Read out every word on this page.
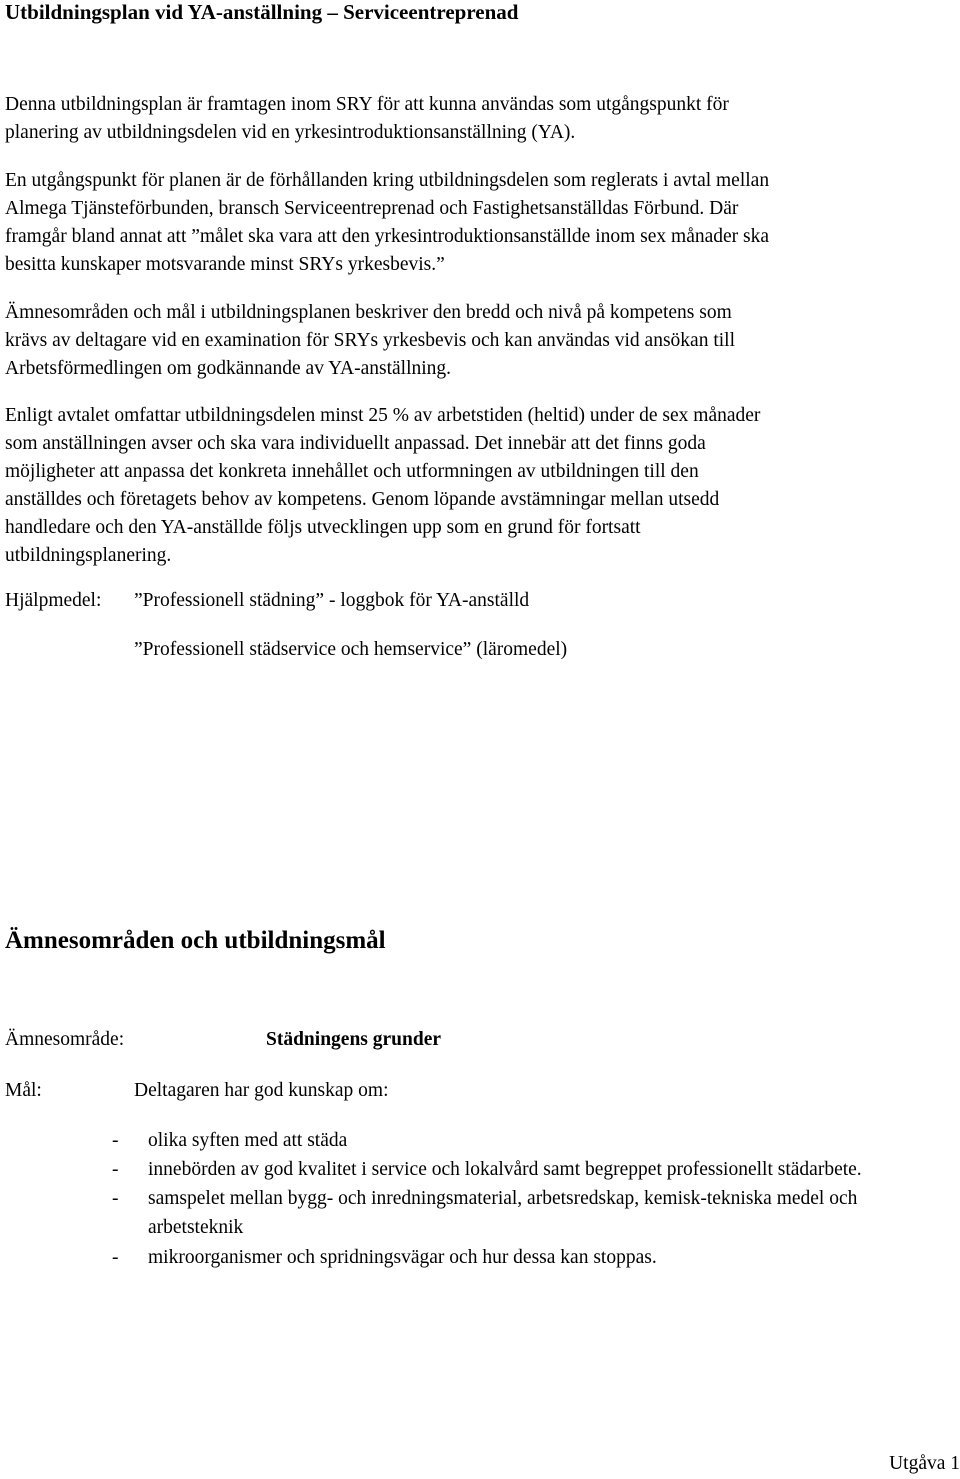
Utbildningsplan vid YA-anställning – Serviceentreprenad
Denna utbildningsplan är framtagen inom SRY för att kunna användas som utgångspunkt för
planering av utbildningsdelen vid en yrkesintroduktionsanställning (YA).
En utgångspunkt för planen är de förhållanden kring utbildningsdelen som reglerats i avtal mellan
Almega Tjänsteförbunden, bransch Serviceentreprenad och Fastighetsanställdas Förbund. Där
framgår bland annat att ”målet ska vara att den yrkesintroduktionsanställde inom sex månader ska
besitta kunskaper motsvarande minst SRYs yrkesbevis.”
Ämnesområden och mål i utbildningsplanen beskriver den bredd och nivå på kompetens som
krävs av deltagare vid en examination för SRYs yrkesbevis och kan användas vid ansökan till
Arbetsförmedlingen om godkännande av YA-anställning.
Enligt avtalet omfattar utbildningsdelen minst 25 % av arbetstiden (heltid) under de sex månader
som anställningen avser och ska vara individuellt anpassad. Det innebär att det finns goda
möjligheter att anpassa det konkreta innehållet och utformningen av utbildningen till den
anställdes och företagets behov av kompetens. Genom löpande avstämningar mellan utsedd
handledare och den YA-anställde följs utvecklingen upp som en grund för fortsatt
utbildningsplanering.
Hjälpmedel: ”Professionell städning” - loggbok för YA-anställd
”Professionell städservice och hemservice” (läromedel)
Ämnesområden och utbildningsmål
Ämnesområde:	Städningens grunder
Mål:	Deltagaren har god kunskap om:
- olika syften med att städa
- innebörden av god kvalitet i service och lokalvård samt begreppet professionellt städarbete.
- samspelet mellan bygg- och inredningsmaterial, arbetsredskap, kemisk-tekniska medel och
arbetsteknik
- mikroorganismer och spridningsvägar och hur dessa kan stoppas.
Utgåva 1
